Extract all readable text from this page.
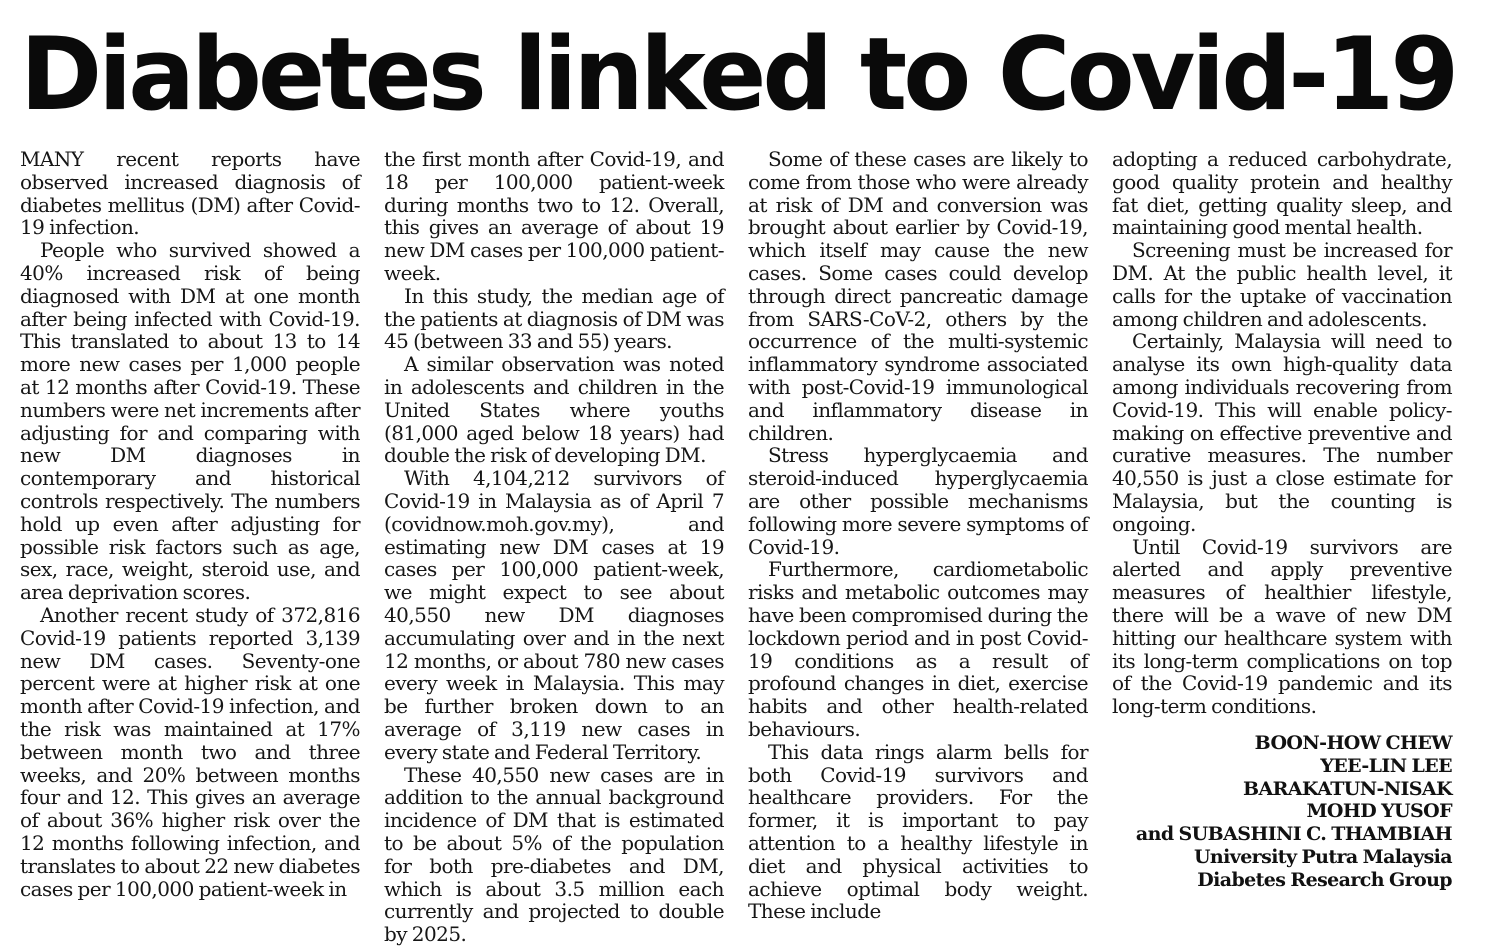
Diabetes linked to Covid-19

MANY recent reports have observed increased diagnosis of diabetes mellitus (DM) after Covid-19 infection.

People who survived showed a 40% increased risk of being diagnosed with DM at one month after being infected with Covid-19. This translated to about 13 to 14 more new cases per 1,000 people at 12 months after Covid-19. These numbers were net increments after adjusting for and comparing with new DM diagnoses in contemporary and historical controls respectively. The numbers hold up even after adjusting for possible risk factors such as age, sex, race, weight, steroid use, and area deprivation scores.

Another recent study of 372,816 Covid-19 patients reported 3,139 new DM cases. Seventy-one percent were at higher risk at one month after Covid-19 infection, and the risk was maintained at 17% between month two and three weeks, and 20% between months four and 12. This gives an average of about 36% higher risk over the 12 months following infection, and translates to about 22 new diabetes cases per 100,000 patient-week in

the first month after Covid-19, and 18 per 100,000 patient-week during months two to 12. Overall, this gives an average of about 19 new DM cases per 100,000 patient-week.

In this study, the median age of the patients at diagnosis of DM was 45 (between 33 and 55) years.

A similar observation was noted in adolescents and children in the United States where youths (81,000 aged below 18 years) had double the risk of developing DM.

With 4,104,212 survivors of Covid-19 in Malaysia as of April 7 (covidnow.moh.gov.my), and estimating new DM cases at 19 cases per 100,000 patient-week, we might expect to see about 40,550 new DM diagnoses accumulating over and in the next 12 months, or about 780 new cases every week in Malaysia. This may be further broken down to an average of 3,119 new cases in every state and Federal Territory.

These 40,550 new cases are in addition to the annual background incidence of DM that is estimated to be about 5% of the population for both pre-diabetes and DM, which is about 3.5 million each currently and projected to double by 2025.

Some of these cases are likely to come from those who were already at risk of DM and conversion was brought about earlier by Covid-19, which itself may cause the new cases. Some cases could develop through direct pancreatic damage from SARS-CoV-2, others by the occurrence of the multi-systemic inflammatory syndrome associated with post-Covid-19 immunological and inflammatory disease in children.

Stress hyperglycaemia and steroid-induced hyperglycaemia are other possible mechanisms following more severe symptoms of Covid-19.

Furthermore, cardiometabolic risks and metabolic outcomes may have been compromised during the lockdown period and in post Covid-19 conditions as a result of profound changes in diet, exercise habits and other health-related behaviours.

This data rings alarm bells for both Covid-19 survivors and healthcare providers. For the former, it is important to pay attention to a healthy lifestyle in diet and physical activities to achieve optimal body weight. These include

adopting a reduced carbohydrate, good quality protein and healthy fat diet, getting quality sleep, and maintaining good mental health.

Screening must be increased for DM. At the public health level, it calls for the uptake of vaccination among children and adolescents.

Certainly, Malaysia will need to analyse its own high-quality data among individuals recovering from Covid-19. This will enable policy-making on effective preventive and curative measures. The number 40,550 is just a close estimate for Malaysia, but the counting is ongoing.

Until Covid-19 survivors are alerted and apply preventive measures of healthier lifestyle, there will be a wave of new DM hitting our healthcare system with its long-term complications on top of the Covid-19 pandemic and its long-term conditions.

BOON-HOW CHEW
YEE-LIN LEE
BARAKATUN-NISAK
MOHD YUSOF
and SUBASHINI C. THAMBIAH
University Putra Malaysia
Diabetes Research Group
